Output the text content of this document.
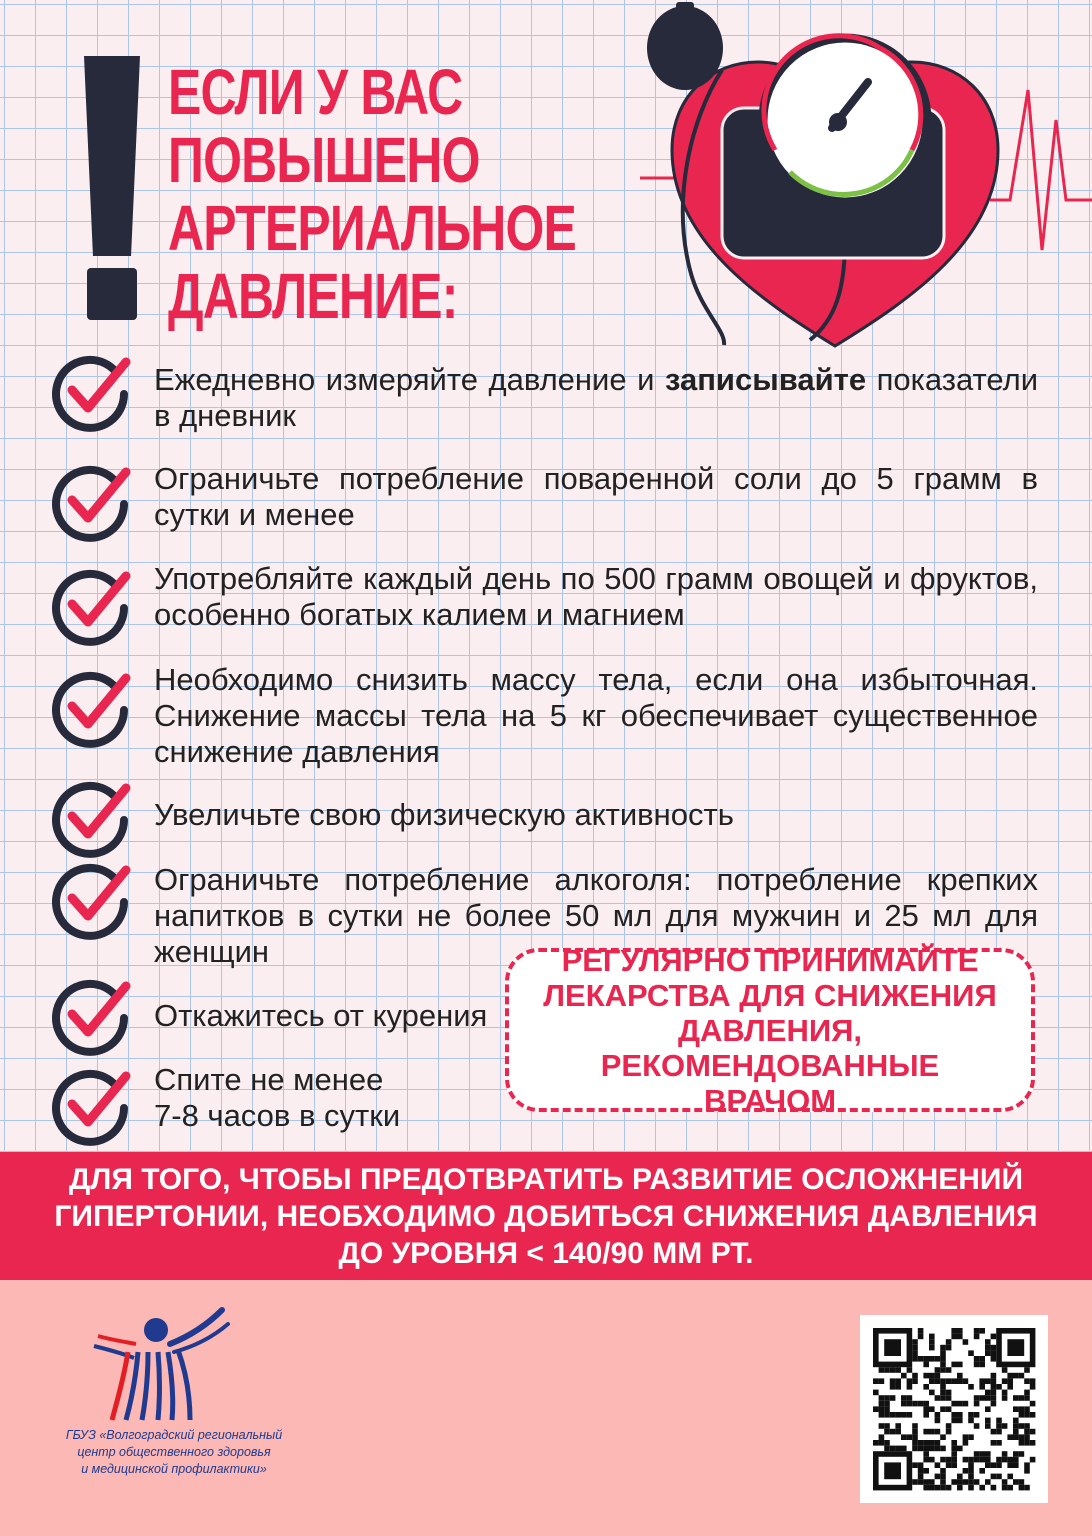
ЕСЛИ У ВАС
ПОВЫШЕНО
АРТЕРИАЛЬНОЕ
ДАВЛЕНИЕ:

Ежедневно измеряйте давление и записывайте показатели в дневник

Ограничьте потребление поваренной соли до 5 грамм в сутки и менее

Употребляйте каждый день по 500 грамм овощей и фруктов, особенно богатых калием и магнием

Необходимо снизить массу тела, если она избыточная. Снижение массы тела на 5 кг обеспечивает существенное снижение давления

Увеличьте свою физическую активность

Ограничьте потребление алкоголя: потребление крепких напитков в сутки не более 50 мл для мужчин и 25 мл для женщин

Откажитесь от курения

Спите не менее
7-8 часов в сутки

РЕГУЛЯРНО ПРИНИМАЙТЕ

ЛЕКАРСТВА ДЛЯ СНИЖЕНИЯ

ДАВЛЕНИЯ, РЕКОМЕНДОВАННЫЕ

ВРАЧОМ

ДЛЯ ТОГО, ЧТОБЫ ПРЕДОТВРАТИТЬ РАЗВИТИЕ ОСЛОЖНЕНИЙ

ГИПЕРТОНИИ, НЕОБХОДИМО ДОБИТЬСЯ СНИЖЕНИЯ ДАВЛЕНИЯ

ДО УРОВНЯ < 140/90 ММ РТ.

ГБУЗ «Волгоградский региональный
центр общественного здоровья
и медицинской профилактики»
